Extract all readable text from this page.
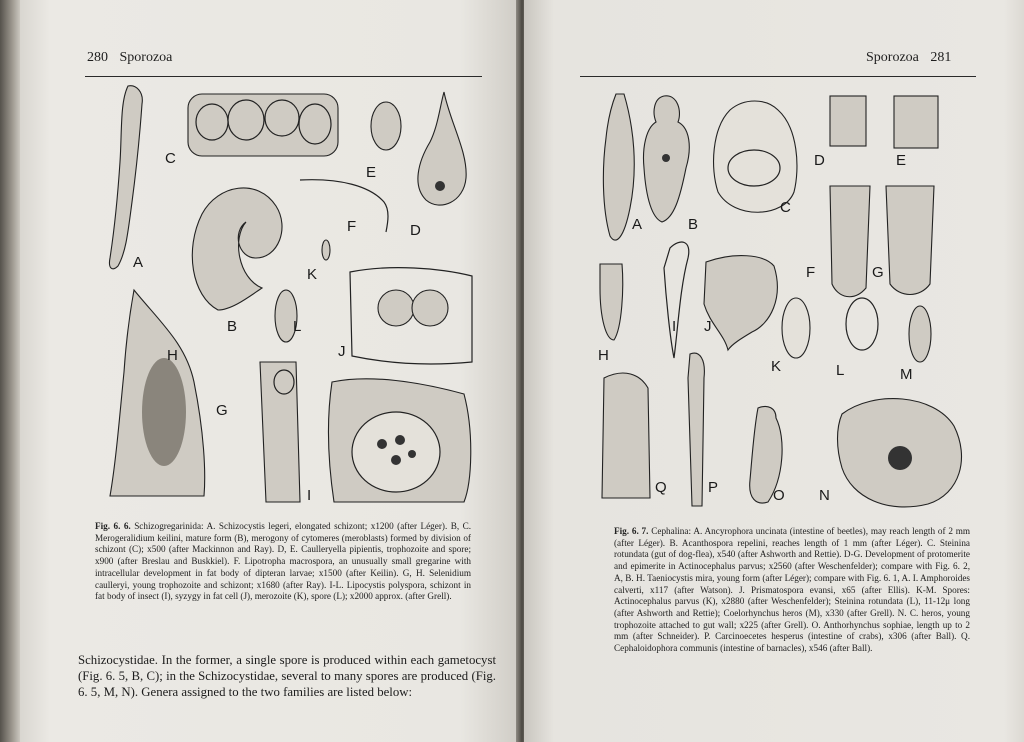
280 Sporozoa
A
B
C
D
E
F
G
H
I
J
K
L
Fig. 6. 6. Schizogregarinida: A. Schizocystis legeri, elongated schizont; x1200 (after Léger). B, C. Merogeralidium keilini, mature form (B), merogony of cytomeres (meroblasts) formed by division of schizont (C); x500 (after Mackinnon and Ray). D, E. Caulleryella pipientis, trophozoite and spore; x900 (after Breslau and Buskkiel). F. Lipotropha macrospora, an unusually small gregarine with intracellular development in fat body of dipteran larvae; x1500 (after Keilin). G, H. Selenidium caulleryi, young trophozoite and schizont; x1680 (after Ray). I-L. Lipocystis polyspora, schizont in fat body of insect (I), syzygy in fat cell (J), merozoite (K), spore (L); x2000 approx. (after Grell).
Schizocystidae. In the former, a single spore is produced within each gametocyst (Fig. 6. 5, B, C); in the Schizocystidae, several to many spores are produced (Fig. 6. 5, M, N). Genera assigned to the two families are listed below:
Sporozoa 281
A	B
C
D	E
F	G
H
I J
K	L	M
N
O
P
Q
Fig. 6. 7. Cephalina: A. Ancyrophora uncinata (intestine of beetles), may reach length of 2 mm (after Léger). B. Acanthospora repelini, reaches length of 1 mm (after Léger). C. Steinina rotundata (gut of dog-flea), x540 (after Ashworth and Rettie). D-G. Development of protomerite and epimerite in Actinocephalus parvus; x2560 (after Weschenfelder); compare with Fig. 6. 2, A, B. H. Taeniocystis mira, young form (after Léger); compare with Fig. 6. 1, A. I. Amphoroides calverti, x117 (after Watson). J. Prismatospora evansi, x65 (after Ellis). K-M. Spores: Actinocephalus parvus (K), x2880 (after Weschenfelder); Steinina rotundata (L), 11-12μ long (after Ashworth and Rettie); Coelorhynchus heros (M), x330 (after Grell). N. C. heros, young trophozoite attached to gut wall; x225 (after Grell). O. Anthorhynchus sophiae, length up to 2 mm (after Schneider). P. Carcinoecetes hesperus (intestine of crabs), x306 (after Ball). Q. Cephaloidophora communis (intestine of barnacles), x546 (after Ball).
